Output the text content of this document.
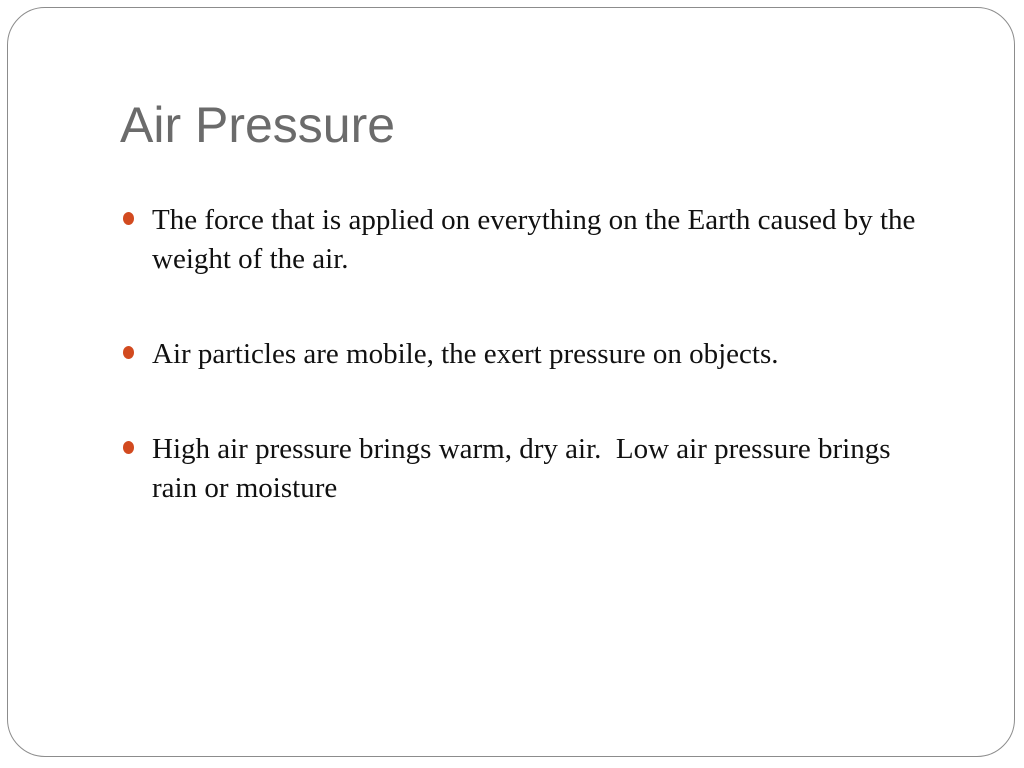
Air Pressure
The force that is applied on everything on the Earth caused by the weight of the air.
Air particles are mobile, the exert pressure on objects.
High air pressure brings warm, dry air.  Low air pressure brings rain or moisture
